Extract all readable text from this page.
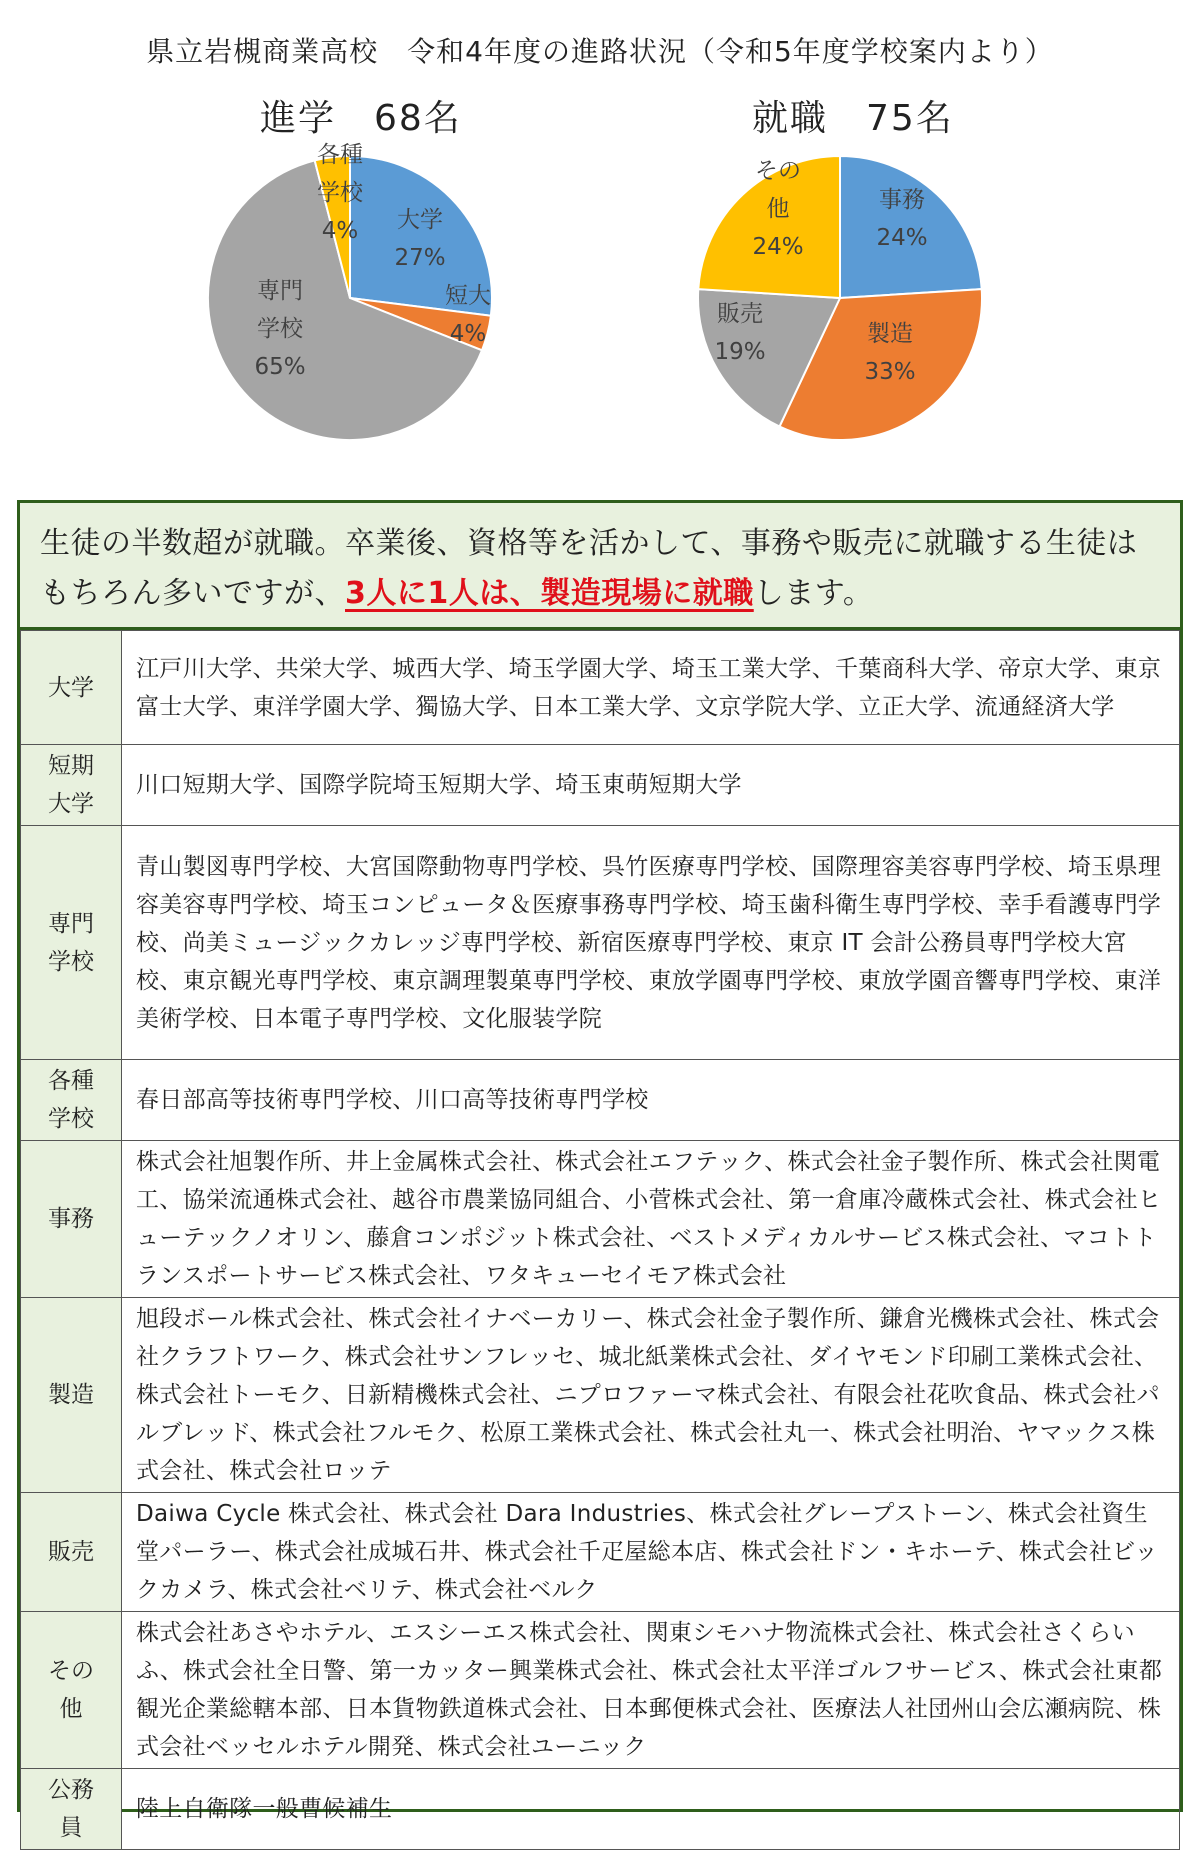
県立岩槻商業高校　令和4年度の進路状況（令和5年度学校案内より）
進学　68名	就職　75名
大学 27%
短大 4%
専門学校 65%
各種学校 4%
事務 24%
製造 33%
販売 19%
その他 24%
生徒の半数超が就職。卒業後、資格等を活かして、事務や販売に就職する生徒はもちろん多いですが、3人に1人は、製造現場に就職します。
大学	江戸川大学、共栄大学、城西大学、埼玉学園大学、埼玉工業大学、千葉商科大学、帝京大学、東京富士大学、東洋学園大学、獨協大学、日本工業大学、文京学院大学、立正大学、流通経済大学
短期大学	川口短期大学、国際学院埼玉短期大学、埼玉東萌短期大学
専門学校	青山製図専門学校、大宮国際動物専門学校、呉竹医療専門学校、国際理容美容専門学校、埼玉県理容美容専門学校、埼玉コンピュータ＆医療事務専門学校、埼玉歯科衛生専門学校、幸手看護専門学校、尚美ミュージックカレッジ専門学校、新宿医療専門学校、東京 IT 会計公務員専門学校大宮校、東京観光専門学校、東京調理製菓専門学校、東放学園専門学校、東放学園音響専門学校、東洋美術学校、日本電子専門学校、文化服装学院
各種学校	春日部高等技術専門学校、川口高等技術専門学校
事務	株式会社旭製作所、井上金属株式会社、株式会社エフテック、株式会社金子製作所、株式会社関電工、協栄流通株式会社、越谷市農業協同組合、小菅株式会社、第一倉庫冷蔵株式会社、株式会社ヒューテックノオリン、藤倉コンポジット株式会社、ベストメディカルサービス株式会社、マコトトランスポートサービス株式会社、ワタキューセイモア株式会社
製造	旭段ボール株式会社、株式会社イナベーカリー、株式会社金子製作所、鎌倉光機株式会社、株式会社クラフトワーク、株式会社サンフレッセ、城北紙業株式会社、ダイヤモンド印刷工業株式会社、株式会社トーモク、日新精機株式会社、ニプロファーマ株式会社、有限会社花吹食品、株式会社パルブレッド、株式会社フルモク、松原工業株式会社、株式会社丸一、株式会社明治、ヤマックス株式会社、株式会社ロッテ
販売	Daiwa Cycle 株式会社、株式会社 Dara Industries、株式会社グレープストーン、株式会社資生堂パーラー、株式会社成城石井、株式会社千疋屋総本店、株式会社ドン・キホーテ、株式会社ビックカメラ、株式会社ベリテ、株式会社ベルク
その他	株式会社あさやホテル、エスシーエス株式会社、関東シモハナ物流株式会社、株式会社さくらいふ、株式会社全日警、第一カッター興業株式会社、株式会社太平洋ゴルフサービス、株式会社東都観光企業総轄本部、日本貨物鉄道株式会社、日本郵便株式会社、医療法人社団州山会広瀬病院、株式会社ベッセルホテル開発、株式会社ユーニック
公務員	陸上自衛隊一般曹候補生
